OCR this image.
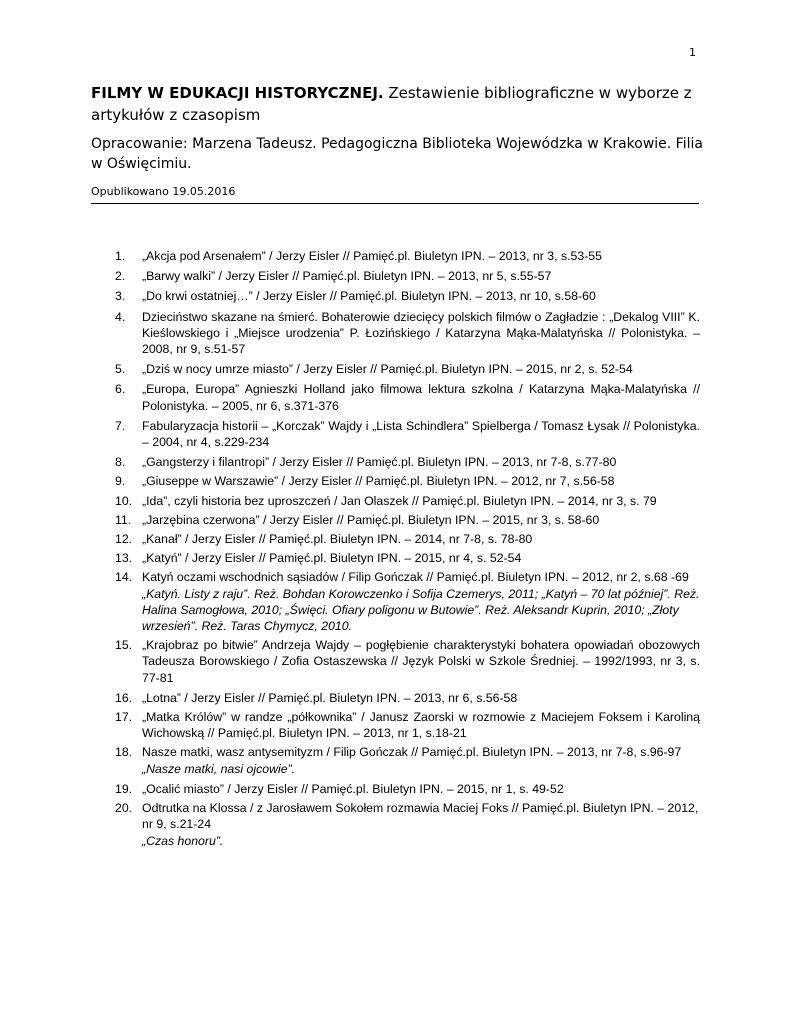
1

FILMY W EDUKACJI HISTORYCZNEJ. Zestawienie bibliograficzne w wyborze z artykułów z czasopism

Opracowanie: Marzena Tadeusz. Pedagogiczna Biblioteka Wojewódzka w Krakowie. Filia w Oświęcimiu.

Opublikowano 19.05.2016

1.	„Akcja pod Arsenałem” / Jerzy Eisler // Pamięć.pl. Biuletyn IPN. – 2013, nr 3, s.53-55
2.	„Barwy walki” / Jerzy Eisler // Pamięć.pl. Biuletyn IPN. – 2013, nr 5, s.55-57
3.	„Do krwi ostatniej…” / Jerzy Eisler // Pamięć.pl. Biuletyn IPN. – 2013, nr 10, s.58-60
4.	Dzieciństwo skazane na śmierć. Bohaterowie dziecięcy polskich filmów o Zagładzie : „Dekalog VIII” K. Kieślowskiego i „Miejsce urodzenia” P. Łozińskiego / Katarzyna Mąka-Malatyńska // Polonistyka. – 2008, nr 9, s.51-57
5.	„Dziś w nocy umrze miasto” / Jerzy Eisler // Pamięć.pl. Biuletyn IPN. – 2015, nr 2, s. 52-54
6.	„Europa, Europa” Agnieszki Holland jako filmowa lektura szkolna / Katarzyna Mąka-Malatyńska // Polonistyka. – 2005, nr 6, s.371-376
7.	Fabularyzacja historii – „Korczak” Wajdy i „Lista Schindlera” Spielberga / Tomasz Łysak // Polonistyka. – 2004, nr 4, s.229-234
8.	„Gangsterzy i filantropi” / Jerzy Eisler // Pamięć.pl. Biuletyn IPN. – 2013, nr 7-8, s.77-80
9.	„Giuseppe w Warszawie” / Jerzy Eisler // Pamięć.pl. Biuletyn IPN. – 2012, nr 7, s.56-58
10. „Ida”, czyli historia bez uproszczeń / Jan Olaszek // Pamięć.pl. Biuletyn IPN. – 2014, nr 3, s. 79
11. „Jarzębina czerwona” / Jerzy Eisler // Pamięć.pl. Biuletyn IPN. – 2015, nr 3, s. 58-60
12. „Kanał” / Jerzy Eisler // Pamięć.pl. Biuletyn IPN. – 2014, nr 7-8, s. 78-80
13. „Katyń” / Jerzy Eisler // Pamięć.pl. Biuletyn IPN. – 2015, nr 4, s. 52-54
14. Katyń oczami wschodnich sąsiadów / Filip Gończak // Pamięć.pl. Biuletyn IPN. – 2012, nr 2, s.68 -69
„Katyń. Listy z raju”. Reż. Bohdan Korowczenko i Sofija Czemerys, 2011; „Katyń – 70 lat później”. Reż. Halina Samogłowa, 2010; „Święci. Ofiary poligonu w Butowie”. Reż. Aleksandr Kuprin, 2010; „Złoty wrzesień”. Reż. Taras Chymycz, 2010.
15. „Krajobraz po bitwie” Andrzeja Wajdy – pogłębienie charakterystyki bohatera opowiadań obozowych Tadeusza Borowskiego / Zofia Ostaszewska // Język Polski w Szkole Średniej. – 1992/1993, nr 3, s. 77-81
16. „Lotna” / Jerzy Eisler // Pamięć.pl. Biuletyn IPN. – 2013, nr 6, s.56-58
17. „Matka Królów” w randze „półkownika” / Janusz Zaorski w rozmowie z Maciejem Foksem i Karoliną Wichowską // Pamięć.pl. Biuletyn IPN. – 2013, nr 1, s.18-21
18. Nasze matki, wasz antysemityzm / Filip Gończak // Pamięć.pl. Biuletyn IPN. – 2013, nr 7-8, s.96-97
„Nasze matki, nasi ojcowie”.
19. „Ocalić miasto” / Jerzy Eisler // Pamięć.pl. Biuletyn IPN. – 2015, nr 1, s. 49-52
20. Odtrutka na Klossa / z Jarosławem Sokołem rozmawia Maciej Foks // Pamięć.pl. Biuletyn IPN. – 2012, nr 9, s.21-24
„Czas honoru”.
